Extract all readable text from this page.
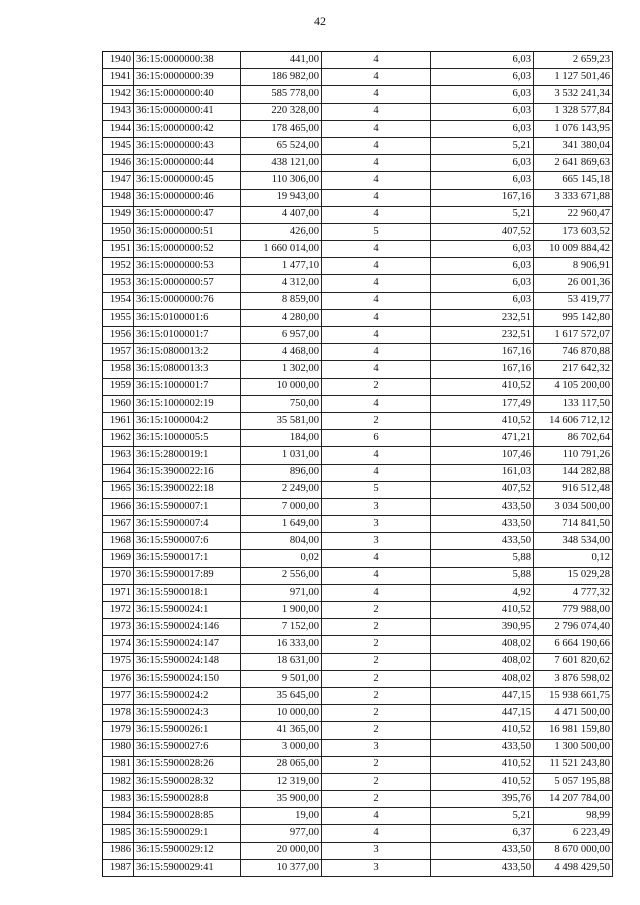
42
1940	36:15:0000000:38	441,00	4	6,03	2 659,23
1941	36:15:0000000:39	186 982,00	4	6,03	1 127 501,46
1942	36:15:0000000:40	585 778,00	4	6,03	3 532 241,34
1943	36:15:0000000:41	220 328,00	4	6,03	1 328 577,84
1944	36:15:0000000:42	178 465,00	4	6,03	1 076 143,95
1945	36:15:0000000:43	65 524,00	4	5,21	341 380,04
1946	36:15:0000000:44	438 121,00	4	6,03	2 641 869,63
1947	36:15:0000000:45	110 306,00	4	6,03	665 145,18
1948	36:15:0000000:46	19 943,00	4	167,16	3 333 671,88
1949	36:15:0000000:47	4 407,00	4	5,21	22 960,47
1950	36:15:0000000:51	426,00	5	407,52	173 603,52
1951	36:15:0000000:52	1 660 014,00	4	6,03	10 009 884,42
1952	36:15:0000000:53	1 477,10	4	6,03	8 906,91
1953	36:15:0000000:57	4 312,00	4	6,03	26 001,36
1954	36:15:0000000:76	8 859,00	4	6,03	53 419,77
1955	36:15:0100001:6	4 280,00	4	232,51	995 142,80
1956	36:15:0100001:7	6 957,00	4	232,51	1 617 572,07
1957	36:15:0800013:2	4 468,00	4	167,16	746 870,88
1958	36:15:0800013:3	1 302,00	4	167,16	217 642,32
1959	36:15:1000001:7	10 000,00	2	410,52	4 105 200,00
1960	36:15:1000002:19	750,00	4	177,49	133 117,50
1961	36:15:1000004:2	35 581,00	2	410,52	14 606 712,12
1962	36:15:1000005:5	184,00	6	471,21	86 702,64
1963	36:15:2800019:1	1 031,00	4	107,46	110 791,26
1964	36:15:3900022:16	896,00	4	161,03	144 282,88
1965	36:15:3900022:18	2 249,00	5	407,52	916 512,48
1966	36:15:5900007:1	7 000,00	3	433,50	3 034 500,00
1967	36:15:5900007:4	1 649,00	3	433,50	714 841,50
1968	36:15:5900007:6	804,00	3	433,50	348 534,00
1969	36:15:5900017:1	0,02	4	5,88	0,12
1970	36:15:5900017:89	2 556,00	4	5,88	15 029,28
1971	36:15:5900018:1	971,00	4	4,92	4 777,32
1972	36:15:5900024:1	1 900,00	2	410,52	779 988,00
1973	36:15:5900024:146	7 152,00	2	390,95	2 796 074,40
1974	36:15:5900024:147	16 333,00	2	408,02	6 664 190,66
1975	36:15:5900024:148	18 631,00	2	408,02	7 601 820,62
1976	36:15:5900024:150	9 501,00	2	408,02	3 876 598,02
1977	36:15:5900024:2	35 645,00	2	447,15	15 938 661,75
1978	36:15:5900024:3	10 000,00	2	447,15	4 471 500,00
1979	36:15:5900026:1	41 365,00	2	410,52	16 981 159,80
1980	36:15:5900027:6	3 000,00	3	433,50	1 300 500,00
1981	36:15:5900028:26	28 065,00	2	410,52	11 521 243,80
1982	36:15:5900028:32	12 319,00	2	410,52	5 057 195,88
1983	36:15:5900028:8	35 900,00	2	395,76	14 207 784,00
1984	36:15:5900028:85	19,00	4	5,21	98,99
1985	36:15:5900029:1	977,00	4	6,37	6 223,49
1986	36:15:5900029:12	20 000,00	3	433,50	8 670 000,00
1987	36:15:5900029:41	10 377,00	3	433,50	4 498 429,50
